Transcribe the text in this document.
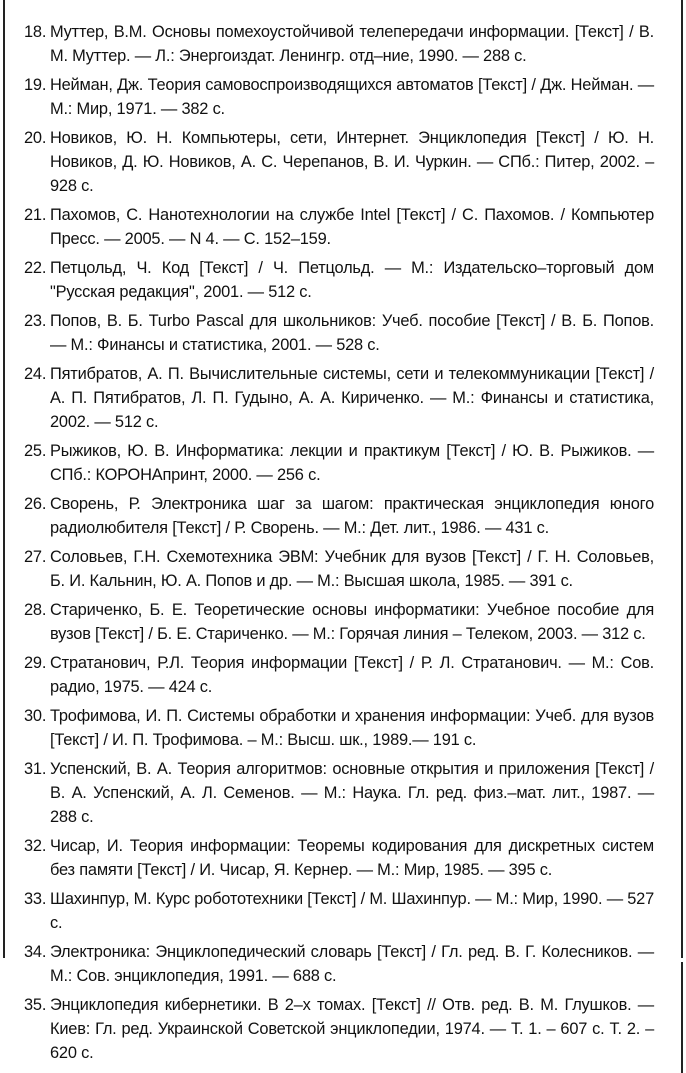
18. Муттер, В.М. Основы помехоустойчивой телепередачи информации. [Текст] / В. М. Муттер. — Л.: Энергоиздат. Ленингр. отд–ние, 1990. — 288 с.
19. Нейман, Дж. Теория самовоспроизводящихся автоматов [Текст] / Дж. Нейман. — М.: Мир, 1971. — 382 с.
20. Новиков, Ю. Н. Компьютеры, сети, Интернет. Энциклопедия [Текст] / Ю. Н. Новиков, Д. Ю. Новиков, А. С. Черепанов, В. И. Чуркин. — СПб.: Питер, 2002. – 928 с.
21. Пахомов, С. Нанотехнологии на службе Intel [Текст] / С. Пахомов. / Компьютер Пресс. — 2005. — N 4. — С. 152–159.
22. Петцольд, Ч. Код [Текст] / Ч. Петцольд. — М.: Издательско–торговый дом "Русская редакция", 2001. — 512 с.
23. Попов, В. Б. Turbo Pascal для школьников: Учеб. пособие [Текст] / В. Б. Попов. — М.: Финансы и статистика, 2001. — 528 с.
24. Пятибратов, А. П. Вычислительные системы, сети и телекоммуникации [Текст] / А. П. Пятибратов, Л. П. Гудыно, А. А. Кириченко. — М.: Финансы и статистика, 2002. — 512 с.
25. Рыжиков, Ю. В. Информатика: лекции и практикум [Текст] / Ю. В. Рыжиков. — СПб.: КОРОНАпринт, 2000. — 256 с.
26. Сворень, Р. Электроника шаг за шагом: практическая энциклопедия юного радиолюбителя [Текст] / Р. Сворень. — М.: Дет. лит., 1986. — 431 с.
27. Соловьев, Г.Н. Схемотехника ЭВМ: Учебник для вузов [Текст] / Г. Н. Соловьев, Б. И. Кальнин, Ю. А. Попов и др. — М.: Высшая школа, 1985. — 391 с.
28. Стариченко, Б. Е. Теоретические основы информатики: Учебное пособие для вузов [Текст] / Б. Е. Стариченко. — М.: Горячая линия – Телеком, 2003. — 312 с.
29. Стратанович, Р.Л. Теория информации [Текст] / Р. Л. Стратанович. — М.: Сов. радио, 1975. — 424 с.
30. Трофимова, И. П. Системы обработки и хранения информации: Учеб. для вузов [Текст] / И. П. Трофимова. – М.: Высш. шк., 1989.— 191 с.
31. Успенский, В. А. Теория алгоритмов: основные открытия и приложения [Текст] / В. А. Успенский, А. Л. Семенов. — М.: Наука. Гл. ред. физ.–мат. лит., 1987. — 288 с.
32. Чисар, И. Теория информации: Теоремы кодирования для дискретных систем без памяти [Текст] / И. Чисар, Я. Кернер. — М.: Мир, 1985. — 395 с.
33. Шахинпур, М. Курс робототехники [Текст] / М. Шахинпур. — М.: Мир, 1990. — 527 с.
34. Электроника: Энциклопедический словарь [Текст] / Гл. ред. В. Г. Колесников. — М.: Сов. энциклопедия, 1991. — 688 с.
35. Энциклопедия кибернетики. В 2–х томах. [Текст] // Отв. ред. В. М. Глушков. — Киев: Гл. ред. Украинской Советской энциклопедии, 1974. — Т. 1. – 607 с. Т. 2. – 620 с.
